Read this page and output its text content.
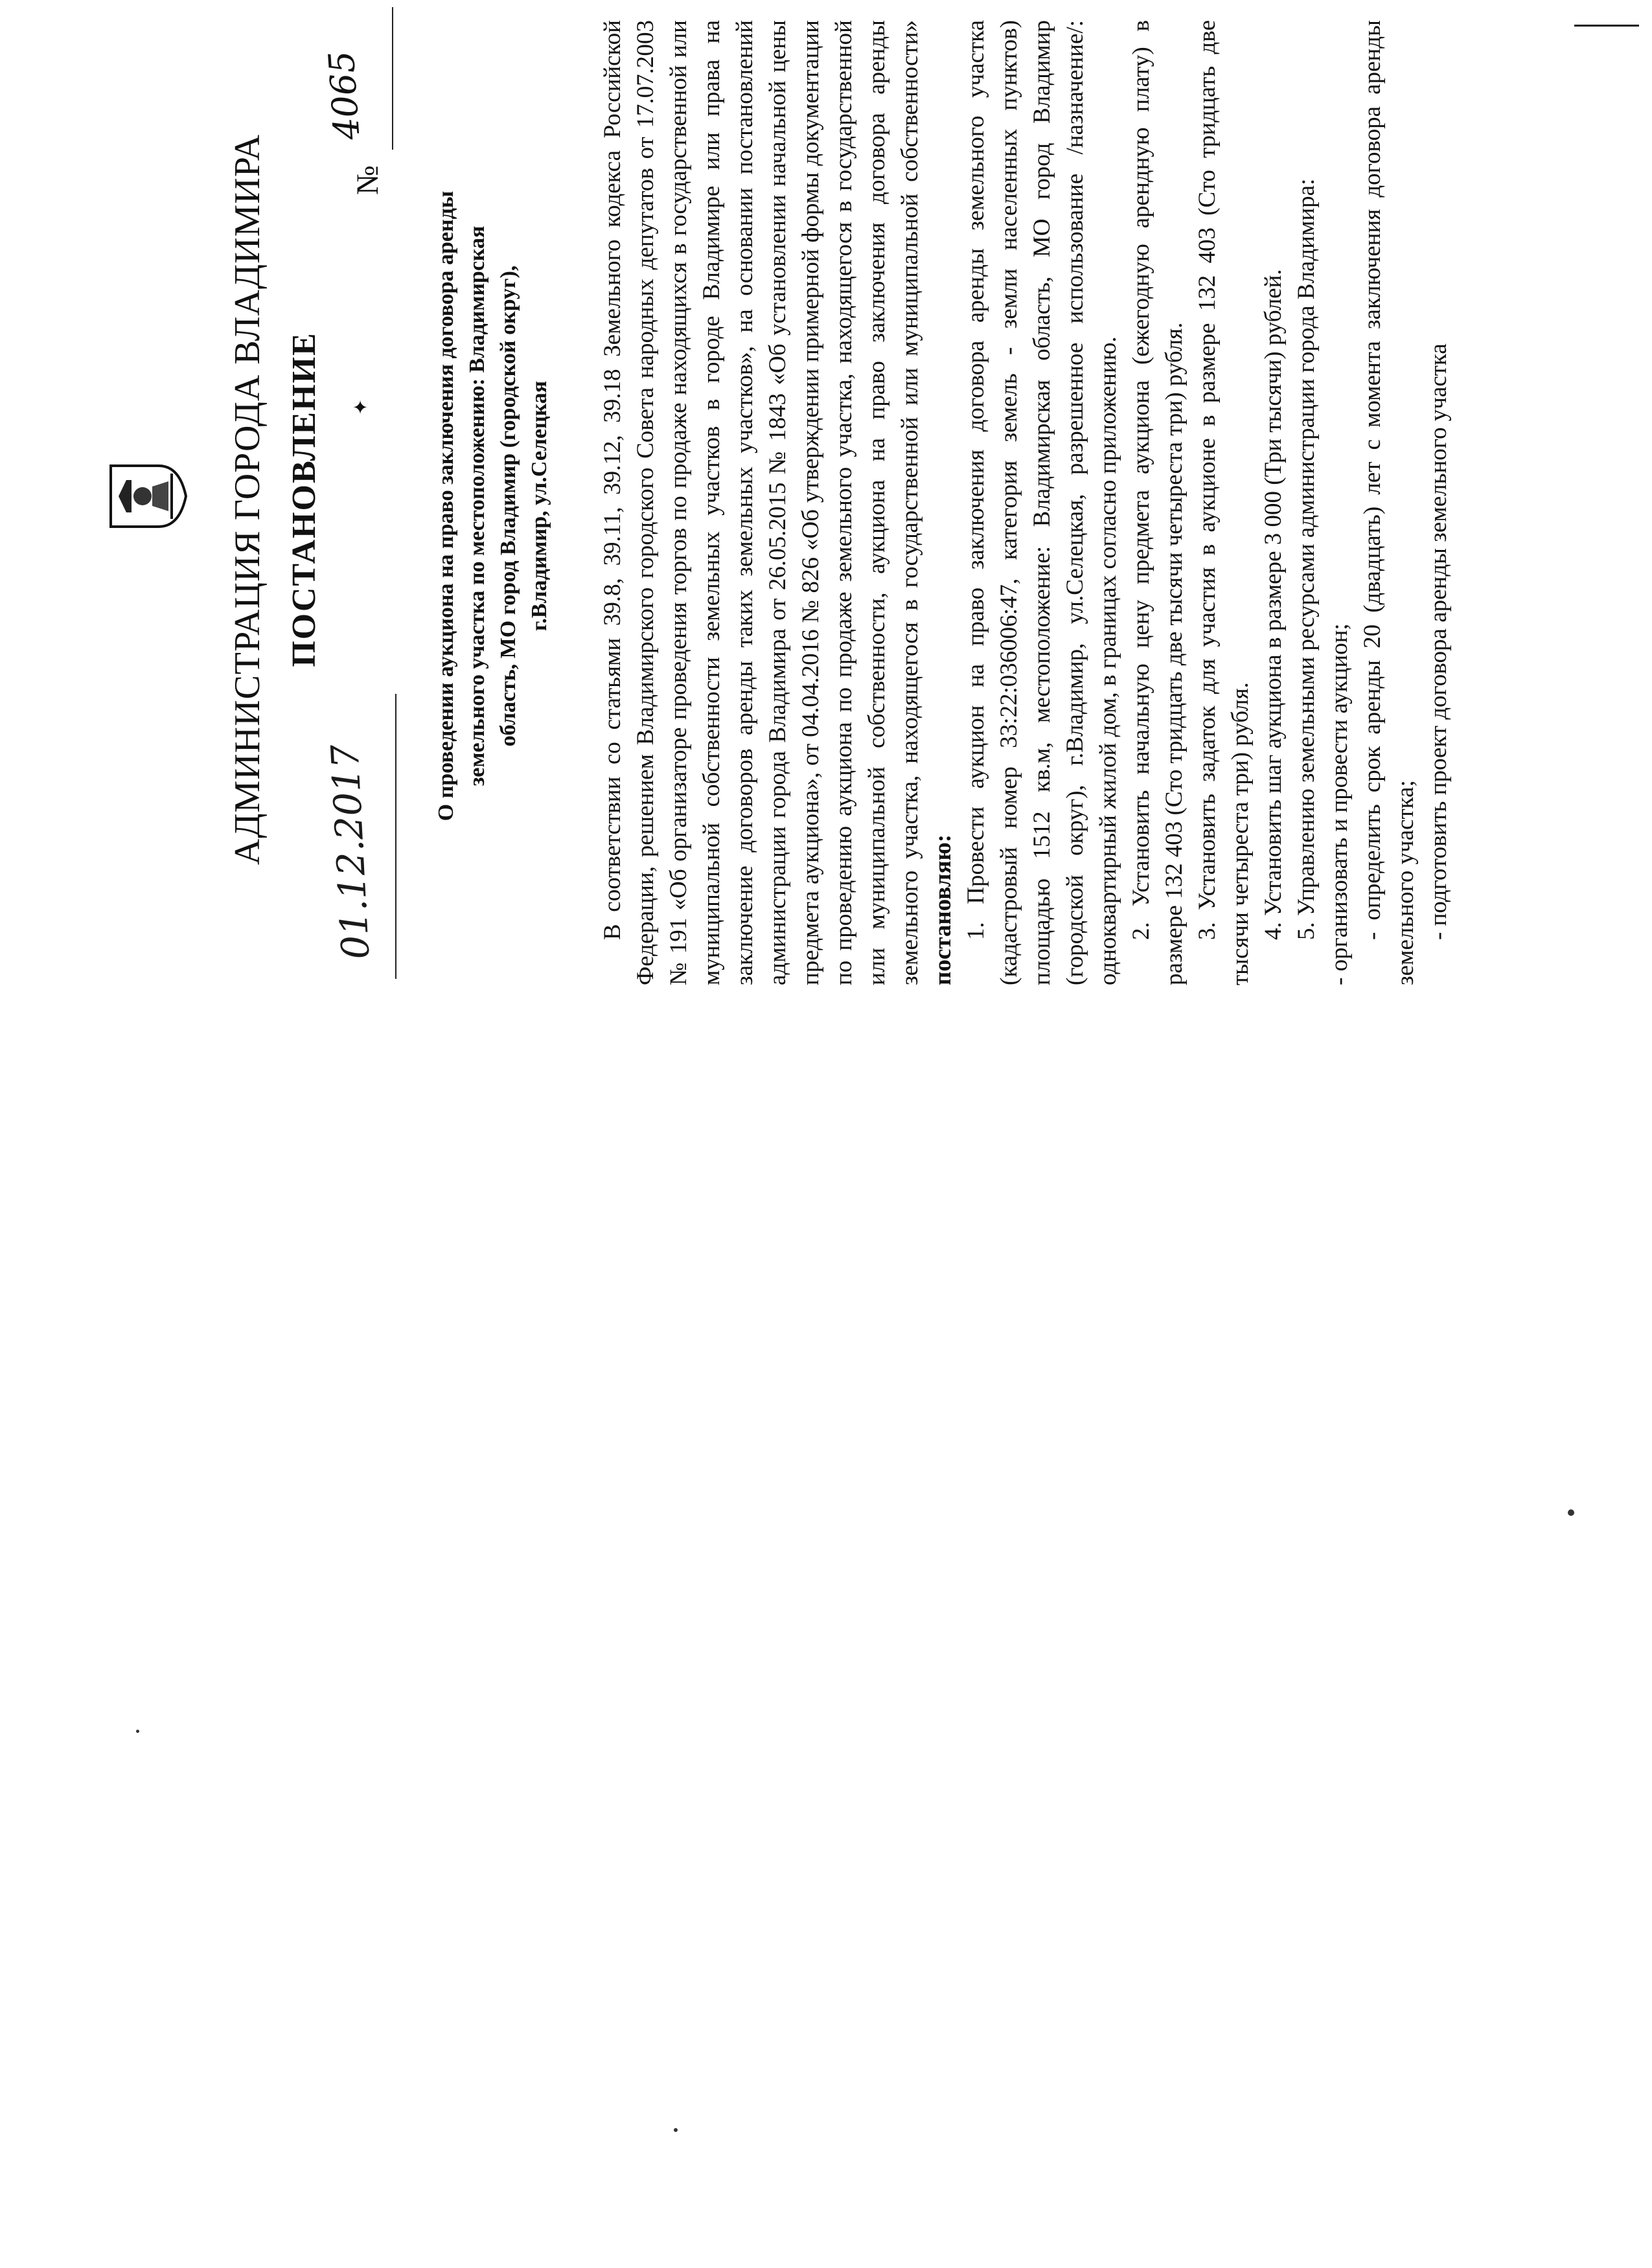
АДМИНИСТРАЦИЯ ГОРОДА ВЛАДИМИРА ПОСТАНОВЛЕНИЕ
01.12.2017
✦
№
4065
О проведении аукциона на право заключения договора аренды земельного участка по местоположению: Владимирская область, МО город Владимир (городской округ), г.Владимир, ул.Селецкая В соответствии со статьями 39.8, 39.11, 39.12, 39.18 Земельного кодекса Российской Федерации, решением Владимирского городского Совета народных депутатов от 17.07.2003 № 191 «Об организаторе проведения торгов по продаже находящихся в государственной или муниципальной собственности земельных участков в городе Владимире или права на заключение договоров аренды таких земельных участков», на основании постановлений администрации города Владимира от 26.05.2015 № 1843 «Об установлении начальной цены предмета аукциона», от 04.04.2016 № 826 «Об утверждении примерной формы документации по проведению аукциона по продаже земельного участка, находящегося в государственной или муниципальной собственности, аукциона на право заключения договора аренды земельного участка, находящегося в государственной или муниципальной собственности» постановляю: 1. Провести аукцион на право заключения договора аренды земельного участка (кадастровый номер 33:22:036006:47, категория земель - земли населенных пунктов) площадью 1512 кв.м, местоположение: Владимирская область, МО город Владимир (городской округ), г.Владимир, ул.Селецкая, разрешенное использование /назначение/: одноквартирный жилой дом, в границах согласно приложению. 2. Установить начальную цену предмета аукциона (ежегодную арендную плату) в размере 132 403 (Сто тридцать две тысячи четыреста три) рубля. 3. Установить задаток для участия в аукционе в размере 132 403 (Сто тридцать две тысячи четыреста три) рубля. 4. Установить шаг аукциона в размере 3 000 (Три тысячи) рублей. 5. Управлению земельными ресурсами администрации города Владимира: - организовать и провести аукцион; - определить срок аренды 20 (двадцать) лет с момента заключения договора аренды земельного участка; - подготовить проект договора аренды земельного участка
